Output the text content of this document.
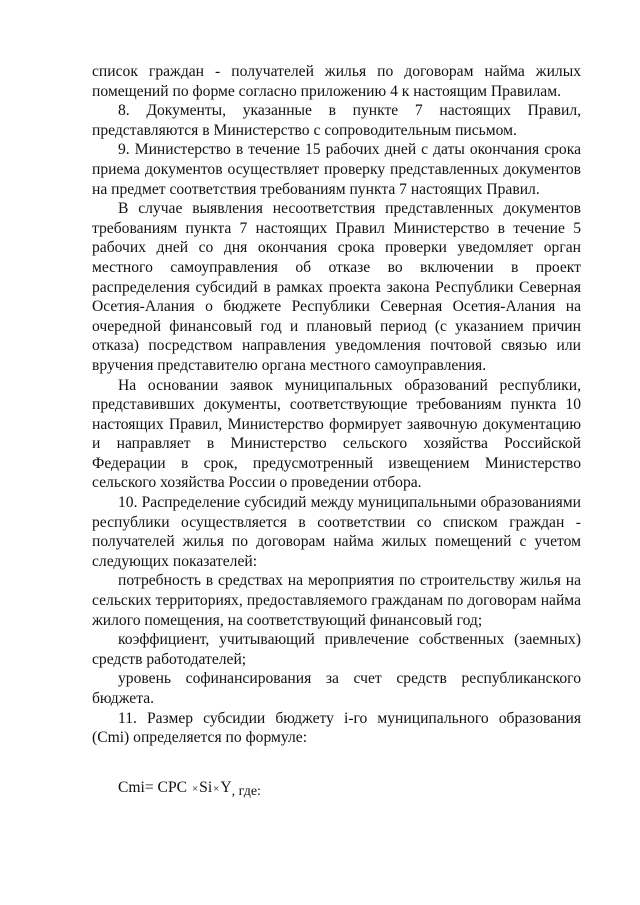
список граждан - получателей жилья по договорам найма жилых помещений по форме согласно приложению 4 к настоящим Правилам.

8. Документы, указанные в пункте 7 настоящих Правил, представляются в Министерство с сопроводительным письмом.

9. Министерство в течение 15 рабочих дней с даты окончания срока приема документов осуществляет проверку представленных документов на предмет соответствия требованиям пункта 7 настоящих Правил.

В случае выявления несоответствия представленных документов требованиям пункта 7 настоящих Правил Министерство в течение 5 рабочих дней со дня окончания срока проверки уведомляет орган местного самоуправления об отказе во включении в проект распределения субсидий в рамках проекта закона Республики Северная Осетия-Алания о бюджете Республики Северная Осетия-Алания на очередной финансовый год и плановый период (с указанием причин отказа) посредством направления уведомления почтовой связью или вручения представителю органа местного самоуправления.

На основании заявок муниципальных образований республики, представивших документы, соответствующие требованиям пункта 10 настоящих Правил, Министерство формирует заявочную документацию и направляет в Министерство сельского хозяйства Российской Федерации в срок, предусмотренный извещением Министерство сельского хозяйства России о проведении отбора.

10. Распределение субсидий между муниципальными образованиями республики осуществляется в соответствии со списком граждан - получателей жилья по договорам найма жилых помещений с учетом следующих показателей:

потребность в средствах на мероприятия по строительству жилья на сельских территориях, предоставляемого гражданам по договорам найма жилого помещения, на соответствующий финансовый год;

коэффициент, учитывающий привлечение собственных (заемных) средств работодателей;

уровень софинансирования за счет средств республиканского бюджета.

11. Размер субсидии бюджету i-го муниципального образования (Cmi) определяется по формуле:

Cmi= CPC ×Si×Y, где:
